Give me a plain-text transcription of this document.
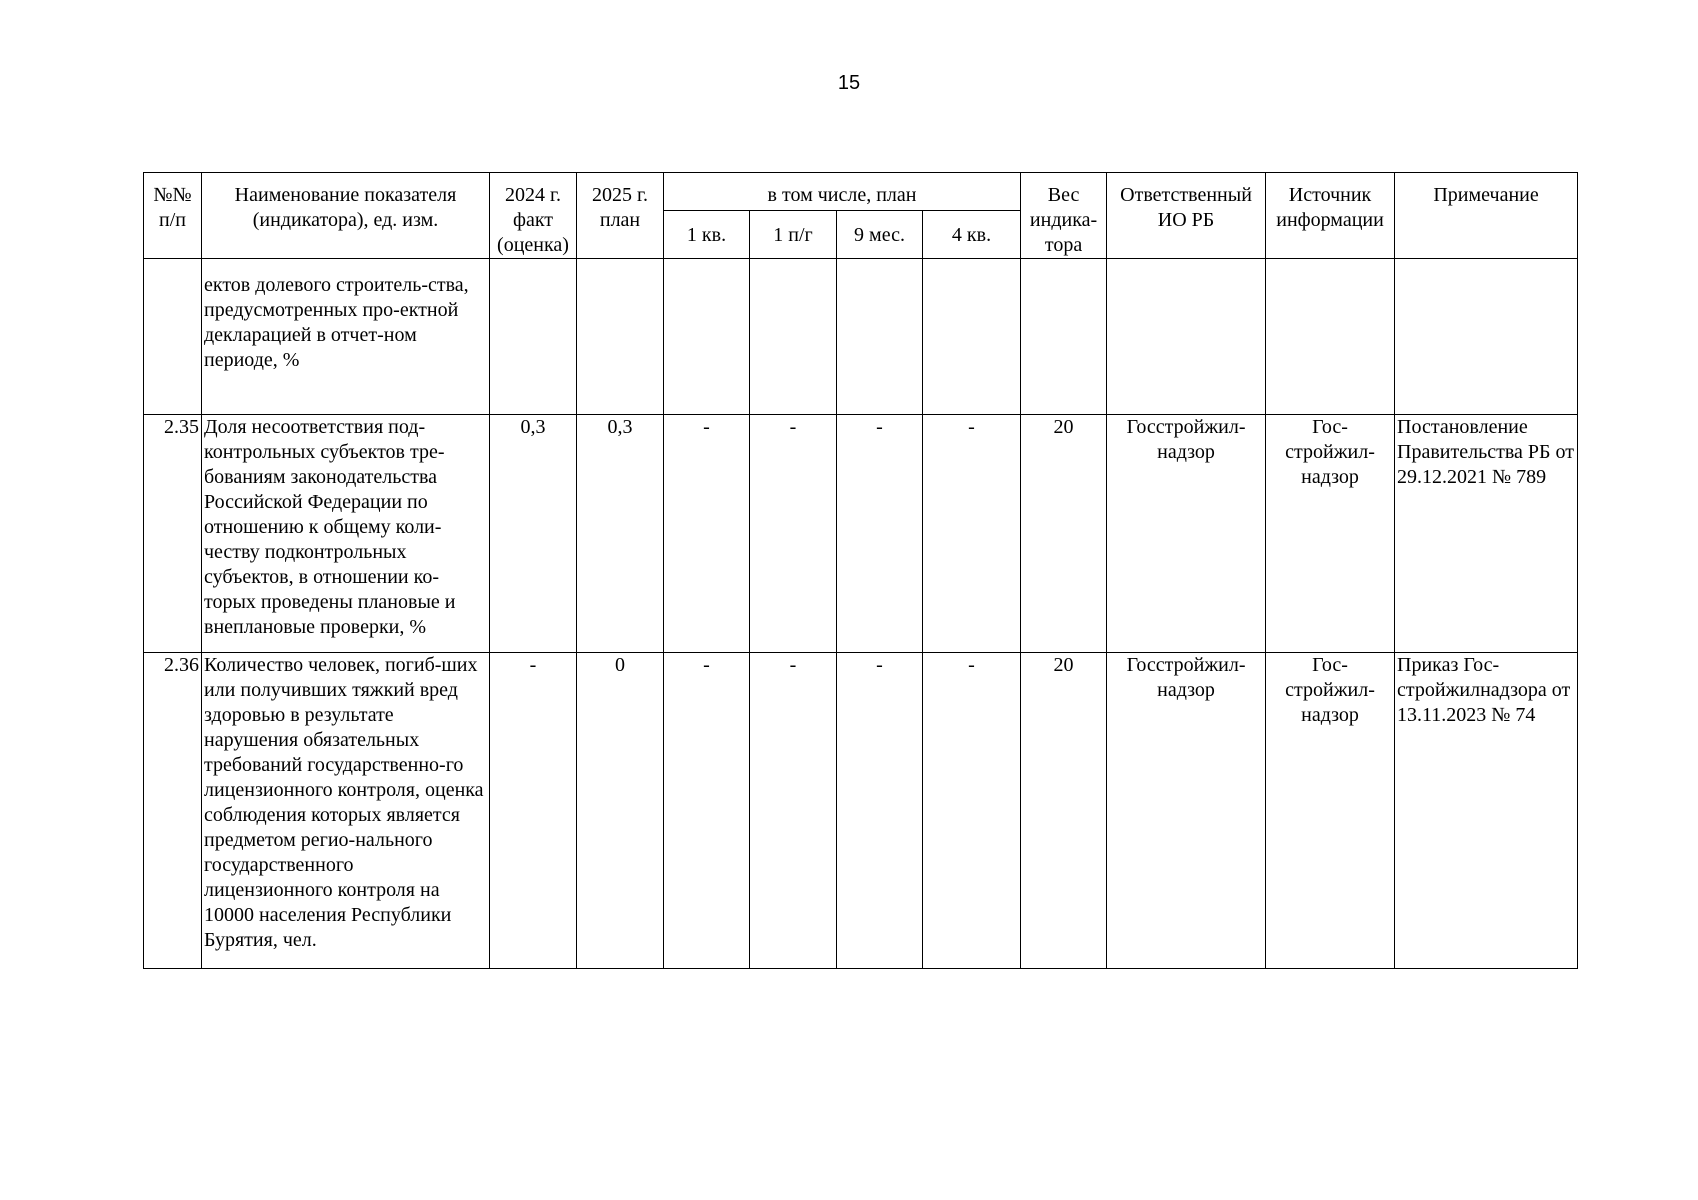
15
№№ п/п	Наименование показателя (индикатора), ед. изм.	2024 г. факт (оценка)	2025 г. план	в том числе, план				Вес индика-тора	Ответственный ИО РБ	Источник информации	Примечание
				1 кв.	1 п/г	9 мес.	4 кв.				
	ектов долевого строитель-ства, предусмотренных про-ектной декларацией в отчет-ном периоде, %										
2.35	Доля несоответствия под-контрольных субъектов тре-бованиям законодательства Российской Федерации по отношению к общему коли-честву подконтрольных субъектов, в отношении ко-торых проведены плановые и внеплановые проверки, %	0,3	0,3	-	-	-	-	20	Госстройжил-надзор	Гос-стройжил-надзор	Постановление Правительства РБ от 29.12.2021 № 789
2.36	Количество человек, погиб-ших или получивших тяжкий вред здоровью в результате нарушения обязательных требований государственно-го лицензионного контроля, оценка соблюдения которых является предметом регио-нального государственного лицензионного контроля на 10000 населения Республики Бурятия, чел.	-	0	-	-	-	-	20	Госстройжил-надзор	Гос-стройжил-надзор	Приказ Гос-стройжилнадзора от 13.11.2023 № 74
